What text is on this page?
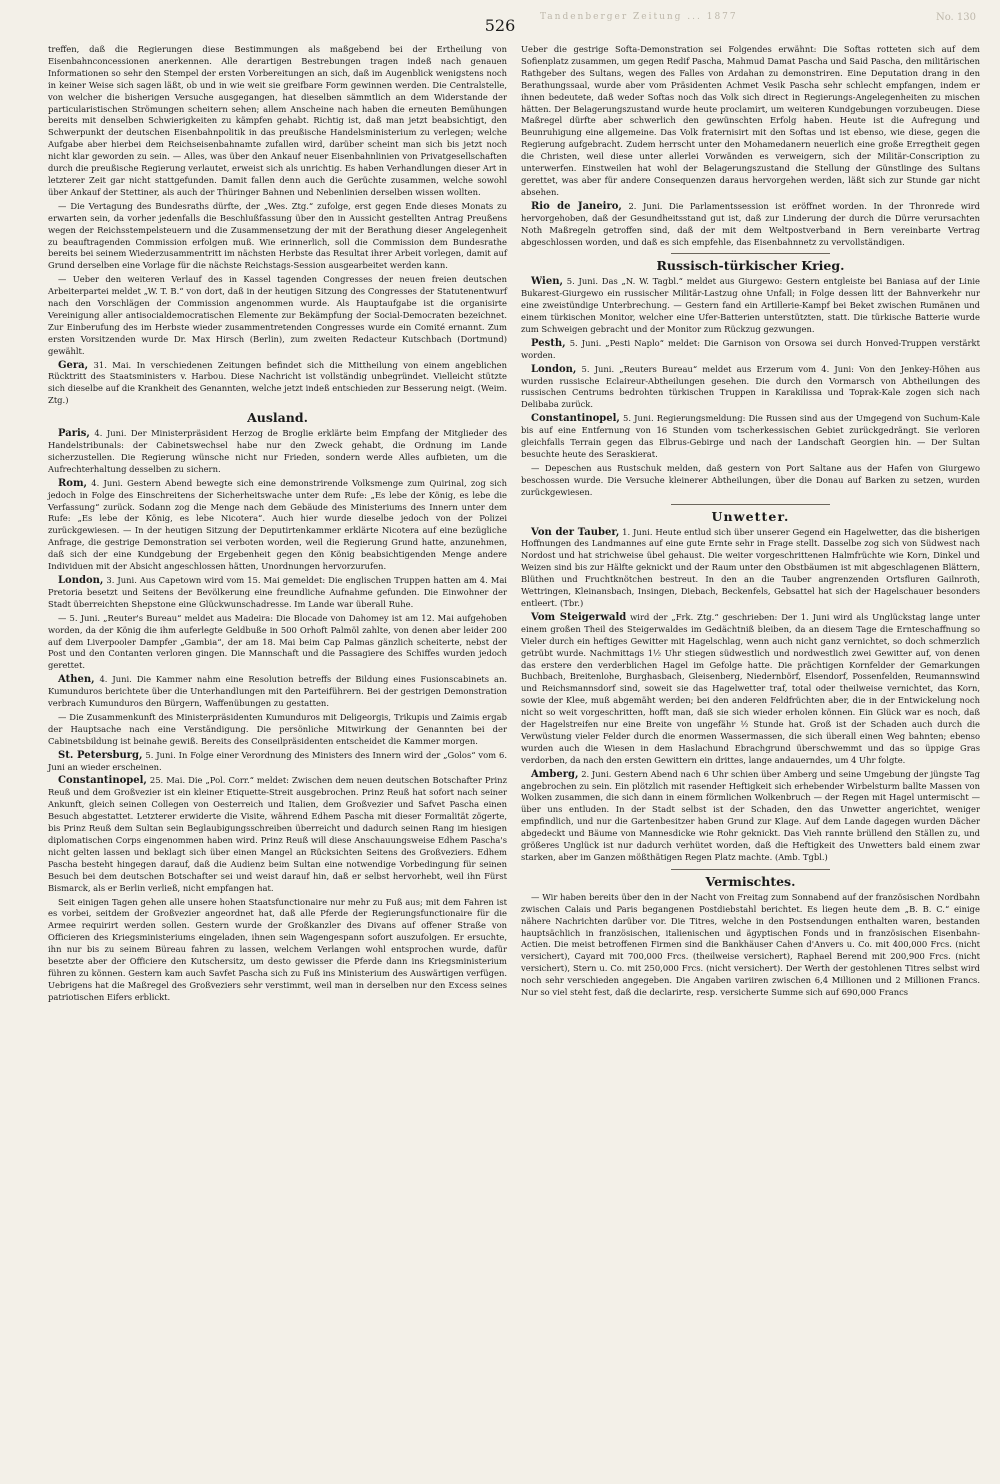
526	Tandenberger Zeitung ... 1877	No. 130

treffen, daß die Regierungen diese Bestimmungen als maßgebend bei der Ertheilung von Eisenbahnconcessionen anerkennen. Alle derartigen Bestrebungen tragen indeß nach genauen Informationen so sehr den Stempel der ersten Vorbereitungen an sich, daß im Augenblick wenigstens noch in keiner Weise sich sagen läßt, ob und in wie weit sie greifbare Form gewinnen werden. Die Centralstelle, von welcher die bisherigen Versuche ausgegangen, hat dieselben sämmtlich an dem Widerstande der particularistischen Strömungen scheitern sehen; allem Anscheine nach haben die erneuten Bemühungen bereits mit denselben Schwierigkeiten zu kämpfen gehabt. Richtig ist, daß man jetzt beabsichtigt, den Schwerpunkt der deutschen Eisenbahnpolitik in das preußische Handelsministerium zu verlegen; welche Aufgabe aber hierbei dem Reichseisenbahnamte zufallen wird, darüber scheint man sich bis jetzt noch nicht klar geworden zu sein. — Alles, was über den Ankauf neuer Eisenbahnlinien von Privatgesellschaften durch die preußische Regierung verlautet, erweist sich als unrichtig. Es haben Verhandlungen dieser Art in letzterer Zeit gar nicht stattgefunden. Damit fallen denn auch die Gerüchte zusammen, welche sowohl über Ankauf der Stettiner, als auch der Thüringer Bahnen und Nebenlinien derselben wissen wollten.

— Die Vertagung des Bundesraths dürfte, der „Wes. Ztg.“ zufolge, erst gegen Ende dieses Monats zu erwarten sein, da vorher jedenfalls die Beschlußfassung über den in Aussicht gestellten Antrag Preußens wegen der Reichsstempelsteuern und die Zusammensetzung der mit der Berathung dieser Angelegenheit zu beauftragenden Commission erfolgen muß. Wie erinnerlich, soll die Commission dem Bundesrathe bereits bei seinem Wiederzusammentritt im nächsten Herbste das Resultat ihrer Arbeit vorlegen, damit auf Grund derselben eine Vorlage für die nächste Reichstags-Session ausgearbeitet werden kann.

— Ueber den weiteren Verlauf des in Kassel tagenden Congresses der neuen freien deutschen Arbeiterpartei meldet „W. T. B.“ von dort, daß in der heutigen Sitzung des Congresses der Statutenentwurf nach den Vorschlägen der Commission angenommen wurde. Als Hauptaufgabe ist die organisirte Vereinigung aller antisocialdemocratischen Elemente zur Bekämpfung der Social-Democraten bezeichnet. Zur Einberufung des im Herbste wieder zusammentretenden Congresses wurde ein Comité ernannt. Zum ersten Vorsitzenden wurde Dr. Max Hirsch (Berlin), zum zweiten Redacteur Kutschbach (Dortmund) gewählt.

Gera, 31. Mai. In verschiedenen Zeitungen befindet sich die Mittheilung von einem angeblichen Rücktritt des Staatsministers v. Harbou. Diese Nachricht ist vollständig unbegründet. Vielleicht stützte sich dieselbe auf die Krankheit des Genannten, welche jetzt indeß entschieden zur Besserung neigt. (Weim. Ztg.)

Ausland.

Paris, 4. Juni. Der Ministerpräsident Herzog de Broglie erklärte beim Empfang der Mitglieder des Handelstribunals: der Cabinetswechsel habe nur den Zweck gehabt, die Ordnung im Lande sicherzustellen. Die Regierung wünsche nicht nur Frieden, sondern werde Alles aufbieten, um die Aufrechterhaltung desselben zu sichern.

Rom, 4. Juni. Gestern Abend bewegte sich eine demonstrirende Volksmenge zum Quirinal, zog sich jedoch in Folge des Einschreitens der Sicherheitswache unter dem Rufe: „Es lebe der König, es lebe die Verfassung“ zurück. Sodann zog die Menge nach dem Gebäude des Ministeriums des Innern unter dem Rufe: „Es lebe der König, es lebe Nicotera“. Auch hier wurde dieselbe jedoch von der Polizei zurückgewiesen. — In der heutigen Sitzung der Deputirtenkammer erklärte Nicotera auf eine bezügliche Anfrage, die gestrige Demonstration sei verboten worden, weil die Regierung Grund hatte, anzunehmen, daß sich der eine Kundgebung der Ergebenheit gegen den König beabsichtigenden Menge andere Individuen mit der Absicht angeschlossen hätten, Unordnungen hervorzurufen.

London, 3. Juni. Aus Capetown wird vom 15. Mai gemeldet: Die englischen Truppen hatten am 4. Mai Pretoria besetzt und Seitens der Bevölkerung eine freundliche Aufnahme gefunden. Die Einwohner der Stadt überreichten Shepstone eine Glückwunschadresse. Im Lande war überall Ruhe.

— 5. Juni. „Reuter's Bureau“ meldet aus Madeira: Die Blocade von Dahomey ist am 12. Mai aufgehoben worden, da der König die ihm auferlegte Geldbuße in 500 Orhoft Palmöl zahlte, von denen aber leider 200 auf dem Liverpooler Dampfer „Gambia“, der am 18. Mai beim Cap Palmas gänzlich scheiterte, nebst der Post und den Contanten verloren gingen. Die Mannschaft und die Passagiere des Schiffes wurden jedoch gerettet.

Athen, 4. Juni. Die Kammer nahm eine Resolution betreffs der Bildung eines Fusionscabinets an. Kumunduros berichtete über die Unterhandlungen mit den Parteiführern. Bei der gestrigen Demonstration verbrach Kumunduros den Bürgern, Waffenübungen zu gestatten.

— Die Zusammenkunft des Ministerpräsidenten Kumunduros mit Deligeorgis, Trikupis und Zaimis ergab der Hauptsache nach eine Verständigung. Die persönliche Mitwirkung der Genannten bei der Cabinetsbildung ist beinahe gewiß. Bereits des Conseilpräsidenten entscheidet die Kammer morgen.

St. Petersburg, 5. Juni. In Folge einer Verordnung des Ministers des Innern wird der „Golos“ vom 6. Juni an wieder erscheinen.

Constantinopel, 25. Mai. Die „Pol. Corr.“ meldet: Zwischen dem neuen deutschen Botschafter Prinz Reuß und dem Großvezier ist ein kleiner Etiquette-Streit ausgebrochen. Prinz Reuß hat sofort nach seiner Ankunft, gleich seinen Collegen von Oesterreich und Italien, dem Großvezier und Safvet Pascha einen Besuch abgestattet. Letzterer erwiderte die Visite, während Edhem Pascha mit dieser Formalität zögerte, bis Prinz Reuß dem Sultan sein Beglaubigungsschreiben überreicht und dadurch seinen Rang im hiesigen diplomatischen Corps eingenommen haben wird. Prinz Reuß will diese Anschauungsweise Edhem Pascha's nicht gelten lassen und beklagt sich über einen Mangel an Rücksichten Seitens des Großveziers. Edhem Pascha besteht hingegen darauf, daß die Audienz beim Sultan eine notwendige Vorbedingung für seinen Besuch bei dem deutschen Botschafter sei und weist darauf hin, daß er selbst hervorhebt, weil ihn Fürst Bismarck, als er Berlin verließ, nicht empfangen hat.

Seit einigen Tagen gehen alle unsere hohen Staatsfunctionaire nur mehr zu Fuß aus; mit dem Fahren ist es vorbei, seitdem der Großvezier angeordnet hat, daß alle Pferde der Regierungsfunctionaire für die Armee requirirt werden sollen. Gestern wurde der Großkanzler des Divans auf offener Straße von Officieren des Kriegsministeriums eingeladen, ihnen sein Wagengespann sofort auszufolgen. Er ersuchte, ihn nur bis zu seinem Büreau fahren zu lassen, welchem Verlangen wohl entsprochen wurde, dafür besetzte aber der Officiere den Kutschersitz, um desto gewisser die Pferde dann ins Kriegsministerium führen zu können. Gestern kam auch Savfet Pascha sich zu Fuß ins Ministerium des Auswärtigen verfügen. Uebrigens hat die Maßregel des Großveziers sehr verstimmt, weil man in derselben nur den Excess seines patriotischen Eifers erblickt.

Ueber die gestrige Softa-Demonstration sei Folgendes erwähnt: Die Softas rotteten sich auf dem Sofienplatz zusammen, um gegen Redif Pascha, Mahmud Damat Pascha und Said Pascha, den militärischen Rathgeber des Sultans, wegen des Falles von Ardahan zu demonstriren. Eine Deputation drang in den Berathungssaal, wurde aber vom Präsidenten Achmet Vesik Pascha sehr schlecht empfangen, indem er ihnen bedeutete, daß weder Softas noch das Volk sich direct in Regierungs-Angelegenheiten zu mischen hätten. Der Belagerungszustand wurde heute proclamirt, um weiteren Kundgebungen vorzubeugen. Diese Maßregel dürfte aber schwerlich den gewünschten Erfolg haben. Heute ist die Aufregung und Beunruhigung eine allgemeine. Das Volk fraternisirt mit den Softas und ist ebenso, wie diese, gegen die Regierung aufgebracht. Zudem herrscht unter den Mohamedanern neuerlich eine große Erregtheit gegen die Christen, weil diese unter allerlei Vorwänden es verweigern, sich der Militär-Conscription zu unterwerfen. Einstweilen hat wohl der Belagerungszustand die Stellung der Günstlinge des Sultans gerettet, was aber für andere Consequenzen daraus hervorgehen werden, läßt sich zur Stunde gar nicht absehen.

Rio de Janeiro, 2. Juni. Die Parlamentssession ist eröffnet worden. In der Thronrede wird hervorgehoben, daß der Gesundheitsstand gut ist, daß zur Linderung der durch die Dürre verursachten Noth Maßregeln getroffen sind, daß der mit dem Weltpostverband in Bern vereinbarte Vertrag abgeschlossen worden, und daß es sich empfehle, das Eisenbahnnetz zu vervollständigen.

Russisch-türkischer Krieg.

Wien, 5. Juni. Das „N. W. Tagbl.“ meldet aus Giurgewo: Gestern entgleiste bei Baniasa auf der Linie Bukarest-Giurgewo ein russischer Militär-Lastzug ohne Unfall; in Folge dessen litt der Bahnverkehr nur eine zweistündige Unterbrechung. — Gestern fand ein Artillerie-Kampf bei Beket zwischen Rumänen und einem türkischen Monitor, welcher eine Ufer-Batterien unterstützten, statt. Die türkische Batterie wurde zum Schweigen gebracht und der Monitor zum Rückzug gezwungen.

Pesth, 5. Juni. „Pesti Naplo“ meldet: Die Garnison von Orsowa sei durch Honved-Truppen verstärkt worden.

London, 5. Juni. „Reuters Bureau“ meldet aus Erzerum vom 4. Juni: Von den Jenkey-Höhen aus wurden russische Eclaireur-Abtheilungen gesehen. Die durch den Vormarsch von Abtheilungen des russischen Centrums bedrohten türkischen Truppen in Karakilissa und Toprak-Kale zogen sich nach Delibaba zurück.

Constantinopel, 5. Juni. Regierungsmeldung: Die Russen sind aus der Umgegend von Suchum-Kale bis auf eine Entfernung von 16 Stunden vom tscherkessischen Gebiet zurückgedrängt. Sie verloren gleichfalls Terrain gegen das Elbrus-Gebirge und nach der Landschaft Georgien hin. — Der Sultan besuchte heute des Seraskierat.

— Depeschen aus Rustschuk melden, daß gestern von Port Saltane aus der Hafen von Giurgewo beschossen wurde. Die Versuche kleinerer Abtheilungen, über die Donau auf Barken zu setzen, wurden zurückgewiesen.

Unwetter.

Von der Tauber, 1. Juni. Heute entlud sich über unserer Gegend ein Hagelwetter, das die bisherigen Hoffnungen des Landmannes auf eine gute Ernte sehr in Frage stellt. Dasselbe zog sich von Südwest nach Nordost und hat strichweise übel gehaust. Die weiter vorgeschrittenen Halmfrüchte wie Korn, Dinkel und Weizen sind bis zur Hälfte geknickt und der Raum unter den Obstbäumen ist mit abgeschlagenen Blättern, Blüthen und Fruchtknötchen bestreut. In den an die Tauber angrenzenden Ortsfluren Gailnroth, Wettringen, Kleinansbach, Insingen, Diebach, Beckenfels, Gebsattel hat sich der Hagelschauer besonders entleert. (Tbr.)

Vom Steigerwald wird der „Frk. Ztg.“ geschrieben: Der 1. Juni wird als Unglückstag lange unter einem großen Theil des Steigerwaldes im Gedächtniß bleiben, da an diesem Tage die Ernteschaffnung so Vieler durch ein heftiges Gewitter mit Hagelschlag, wenn auch nicht ganz vernichtet, so doch schmerzlich getrübt wurde. Nachmittags 1½ Uhr stiegen südwestlich und nordwestlich zwei Gewitter auf, von denen das erstere den verderblichen Hagel im Gefolge hatte. Die prächtigen Kornfelder der Gemarkungen Buchbach, Breitenlohe, Burghasbach, Gleisenberg, Niedernbörf, Elsendorf, Possenfelden, Reumannswind und Reichsmannsdorf sind, soweit sie das Hagelwetter traf, total oder theilweise vernichtet, das Korn, sowie der Klee, muß abgemäht werden; bei den anderen Feldfrüchten aber, die in der Entwickelung noch nicht so weit vorgeschritten, hofft man, daß sie sich wieder erholen können. Ein Glück war es noch, daß der Hagelstreifen nur eine Breite von ungefähr ½ Stunde hat. Groß ist der Schaden auch durch die Verwüstung vieler Felder durch die enormen Wassermassen, die sich überall einen Weg bahnten; ebenso wurden auch die Wiesen in dem Haslachund Ebrachgrund überschwemmt und das so üppige Gras verdorben, da nach den ersten Gewittern ein drittes, lange andauerndes, um 4 Uhr folgte.

Amberg, 2. Juni. Gestern Abend nach 6 Uhr schien über Amberg und seine Umgebung der jüngste Tag angebrochen zu sein. Ein plötzlich mit rasender Heftigkeit sich erhebender Wirbelsturm ballte Massen von Wolken zusammen, die sich dann in einem förmlichen Wolkenbruch — der Regen mit Hagel untermischt — über uns entluden. In der Stadt selbst ist der Schaden, den das Unwetter angerichtet, weniger empfindlich, und nur die Gartenbesitzer haben Grund zur Klage. Auf dem Lande dagegen wurden Dächer abgedeckt und Bäume von Mannesdicke wie Rohr geknickt. Das Vieh rannte brüllend den Ställen zu, und größeres Unglück ist nur dadurch verhütet worden, daß die Heftigkeit des Unwetters bald einem zwar starken, aber im Ganzen mößthätigen Regen Platz machte. (Amb. Tgbl.)

Vermischtes.

— Wir haben bereits über den in der Nacht von Freitag zum Sonnabend auf der französischen Nordbahn zwischen Calais und Paris begangenen Postdiebstahl berichtet. Es liegen heute dem „B. B. C.“ einige nähere Nachrichten darüber vor. Die Titres, welche in den Postsendungen enthalten waren, bestanden hauptsächlich in französischen, italienischen und ägyptischen Fonds und in französischen Eisenbahn-Actien. Die meist betroffenen Firmen sind die Bankhäuser Cahen d'Anvers u. Co. mit 400,000 Frcs. (nicht versichert), Cayard mit 700,000 Frcs. (theilweise versichert), Raphael Berend mit 200,900 Frcs. (nicht versichert), Stern u. Co. mit 250,000 Frcs. (nicht versichert). Der Werth der gestohlenen Titres selbst wird noch sehr verschieden angegeben. Die Angaben variiren zwischen 6,4 Millionen und 2 Millionen Francs. Nur so viel steht fest, daß die declarirte, resp. versicherte Summe sich auf 690,000 Francs
